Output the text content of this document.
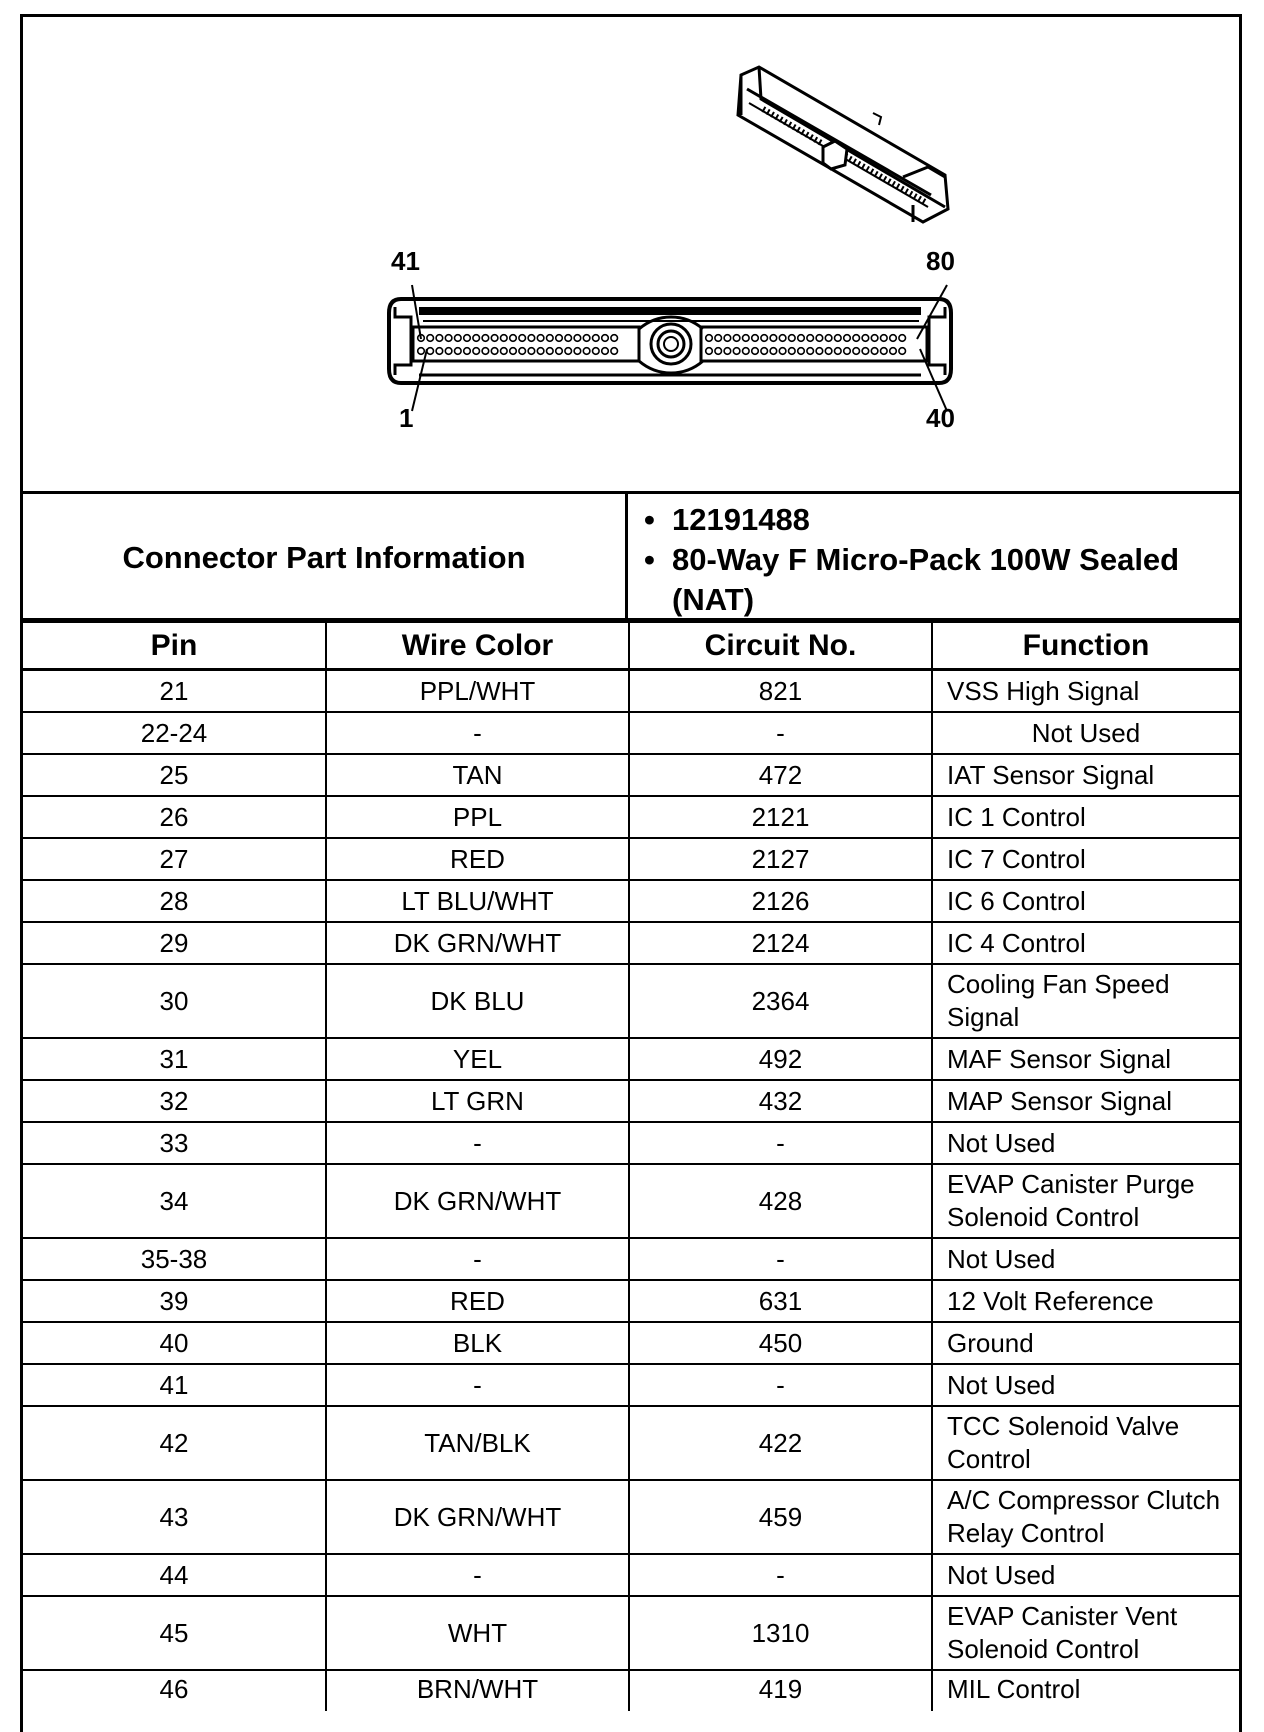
41	80
1	40
Connector Part Information
• 12191488
• 80-Way F Micro-Pack 100W Sealed (NAT)
Pin	Wire Color	Circuit No.	Function
21	PPL/WHT	821	VSS High Signal
22-24	-	-	Not Used
25	TAN	472	IAT Sensor Signal
26	PPL	2121	IC 1 Control
27	RED	2127	IC 7 Control
28	LT BLU/WHT	2126	IC 6 Control
29	DK GRN/WHT	2124	IC 4 Control
30	DK BLU	2364	Cooling Fan Speed Signal
31	YEL	492	MAF Sensor Signal
32	LT GRN	432	MAP Sensor Signal
33	-	-	Not Used
34	DK GRN/WHT	428	EVAP Canister Purge Solenoid Control
35-38	-	-	Not Used
39	RED	631	12 Volt Reference
40	BLK	450	Ground
41	-	-	Not Used
42	TAN/BLK	422	TCC Solenoid Valve Control
43	DK GRN/WHT	459	A/C Compressor Clutch Relay Control
44	-	-	Not Used
45	WHT	1310	EVAP Canister Vent Solenoid Control
46	BRN/WHT	419	MIL Control
